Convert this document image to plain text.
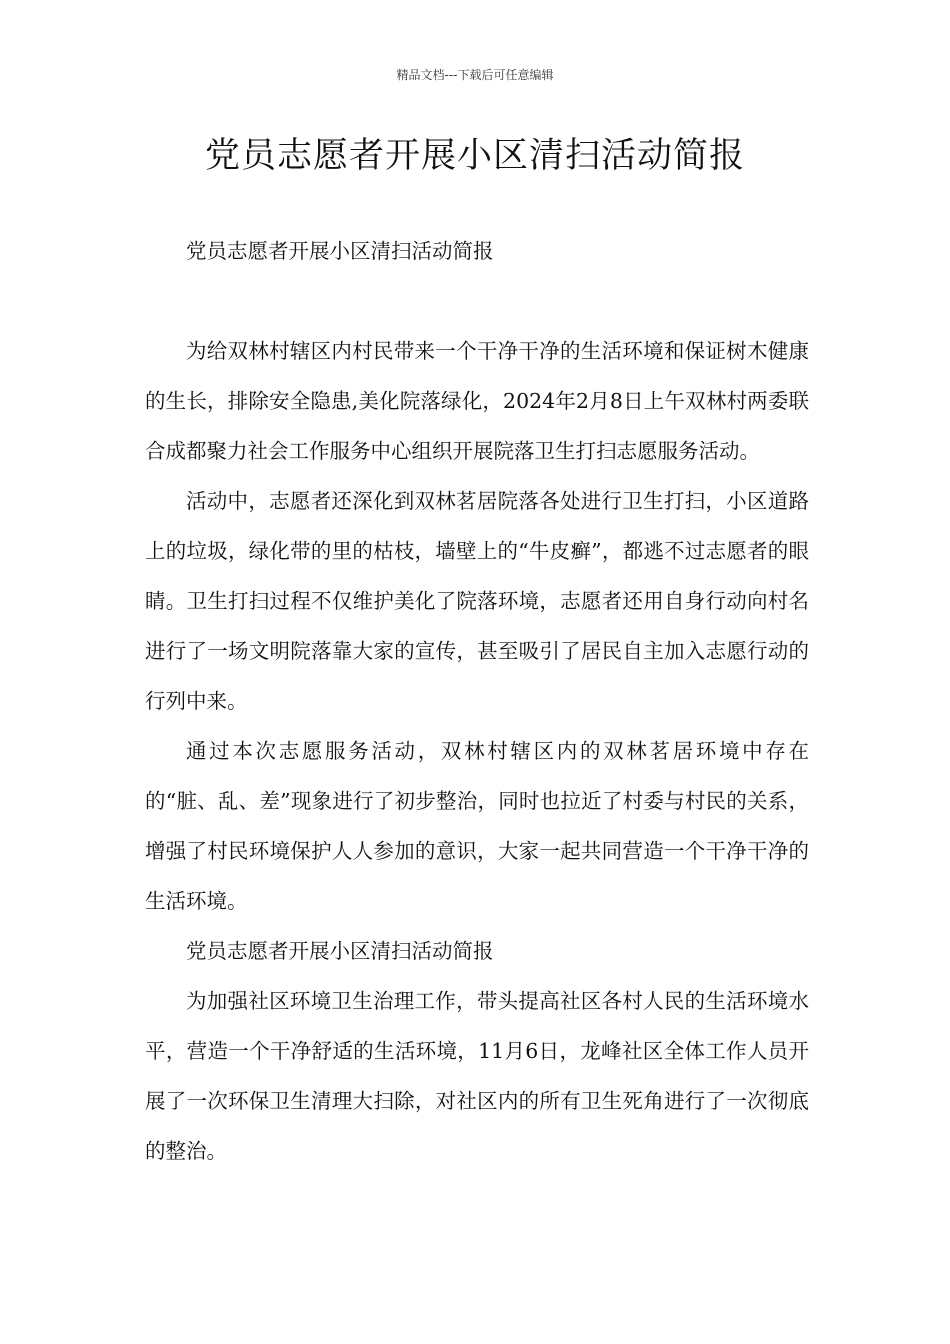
精品文档---下载后可任意编辑
党员志愿者开展小区清扫活动简报

党员志愿者开展小区清扫活动简报

为给双林村辖区内村民带来一个干净干净的生活环境和保证树木健康的生长，排除安全隐患,美化院落绿化，2024年2月8日上午双林村两委联合成都聚力社会工作服务中心组织开展院落卫生打扫志愿服务活动。

活动中，志愿者还深化到双林茗居院落各处进行卫生打扫，小区道路上的垃圾，绿化带的里的枯枝，墙壁上的“牛皮癣”，都逃不过志愿者的眼睛。卫生打扫过程不仅维护美化了院落环境，志愿者还用自身行动向村名进行了一场文明院落靠大家的宣传，甚至吸引了居民自主加入志愿行动的行列中来。

通过本次志愿服务活动，双林村辖区内的双林茗居环境中存在的“脏、乱、差”现象进行了初步整治，同时也拉近了村委与村民的关系，增强了村民环境保护人人参加的意识，大家一起共同营造一个干净干净的生活环境。

党员志愿者开展小区清扫活动简报

为加强社区环境卫生治理工作，带头提高社区各村人民的生活环境水平，营造一个干净舒适的生活环境，11月6日，龙峰社区全体工作人员开展了一次环保卫生清理大扫除，对社区内的所有卫生死角进行了一次彻底的整治。
